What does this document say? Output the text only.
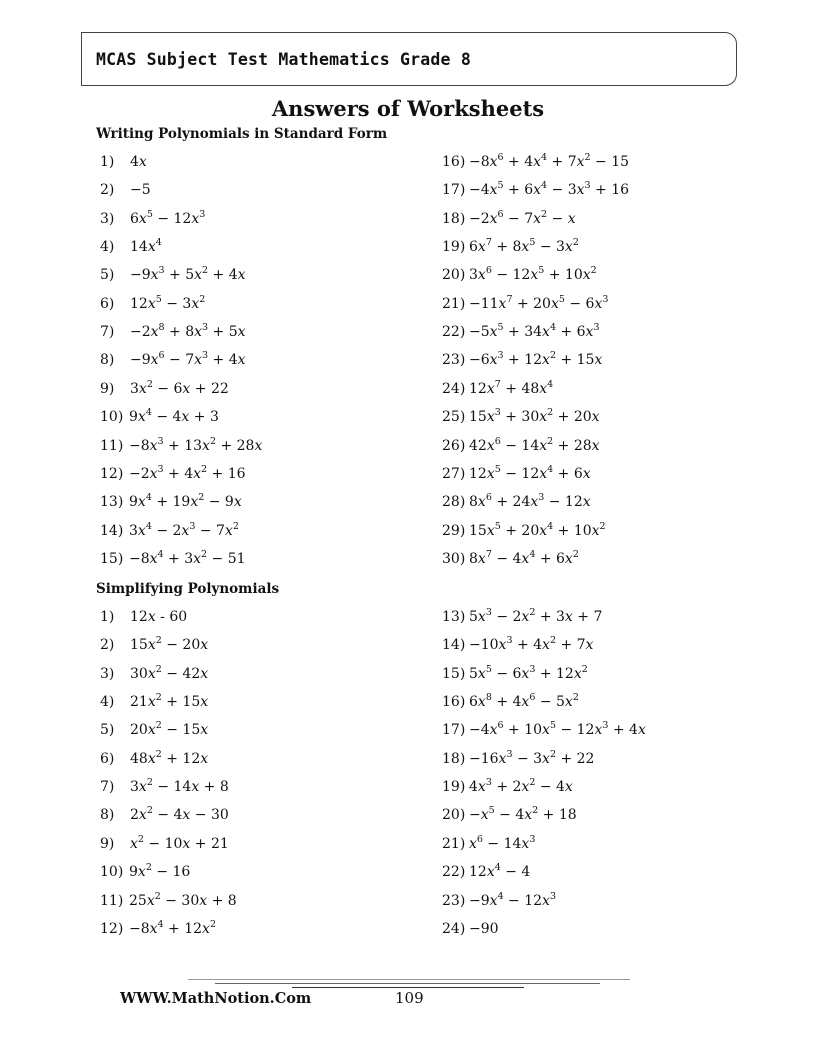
MCAS Subject Test Mathematics Grade 8
Answers of Worksheets
Writing Polynomials in Standard Form
1) 4x
2) −5
3) $6x^5 - 12x^3$
4) $14x^4$
$5) -9x^3 + 5x^2 + 4x$
6) $12x^5 - 3x^2$
$7) -2x^8 + 8x^3 + 5x$
$8) -9x^6 - 7x^3 + 4x$
9) $3x^2 - 6x + 22$
10) $9x^4 - 4x + 3$
$11) -8x^3 + 13x^2 + 28x$
$12) -2x^3 + 4x^2 + 16$
13) $9x^4 + 19x^2 - 9x$
14) $3x^4 - 2x^3 - 7x^2$
$15) -8x^4 + 3x^2 - 51$
$16) -8x^6 + 4x^4 + 7x^2 - 15$
$17) -4x^5 + 6x^4 - 3x^3 + 16$
$18) -2x^6 - 7x^2 - x$
19) $6x^7 + 8x^5 - 3x^2$
20) $3x^6 - 12x^5 + 10x^2$
$21) -11x^7 + 20x^5 - 6x^3$
$22) -5x^5 + 34x^4 + 6x^3$
$23) -6x^3 + 12x^2 + 15x$
24) $12x^7 + 48x^4$
25) $15x^3 + 30x^2 + 20x$
26) $42x^6 - 14x^2 + 28x$
27) $12x^5 - 12x^4 + 6x$
28) $8x^6 + 24x^3 - 12x$
29) $15x^5 + 20x^4 + 10x^2$
30) $8x^7 - 4x^4 + 6x^2$
Simplifying Polynomials
1) 12x - 60
2) $15x^2 - 20x$
3) $30x^2 - 42x$
4) $21x^2 + 15x$
5) $20x^2 - 15x$
6) $48x^2 + 12x$
7) $3x^2 - 14x + 8$
8) $2x^2 - 4x - 30$
9) $x^2 - 10x + 21$
10) $9x^2 - 16$
11) $25x^2 - 30x + 8$
$12) -8x^4 + 12x^2$
13) $5x^3 - 2x^2 + 3x + 7$
$14) -10x^3 + 4x^2 + 7x$
15) $5x^5 - 6x^3 + 12x^2$
16) $6x^8 + 4x^6 - 5x^2$
$17) -4x^6 + 10x^5 - 12x^3 + 4x$
$18) -16x^3 - 3x^2 + 22$
19) $4x^3 + 2x^2 - 4x$
$20) -x^5 - 4x^2 + 18$
21) $x^6 - 14x^3$
22) $12x^4 - 4$
$23) -9x^4 - 12x^3$
24) −90
WWW.MathNotion.Com	109
